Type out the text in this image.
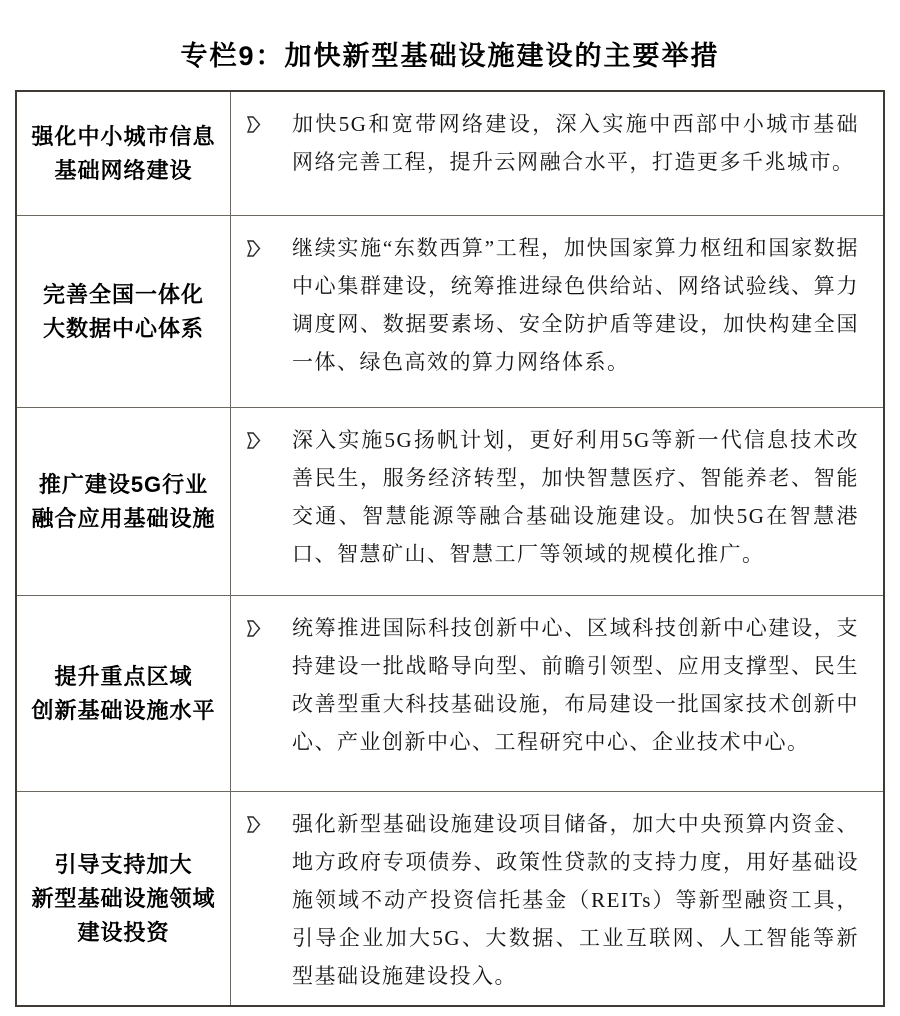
专栏9：加快新型基础设施建设的主要举措
强化中小城市信息
基础网络建设
加快5G和宽带网络建设，深入实施中西部中小城市基础网络完善工程，提升云网融合水平，打造更多千兆城市。
完善全国一体化
大数据中心体系
继续实施“东数西算”工程，加快国家算力枢纽和国家数据中心集群建设，统筹推进绿色供给站、网络试验线、算力调度网、数据要素场、安全防护盾等建设，加快构建全国一体、绿色高效的算力网络体系。
推广建设5G行业
融合应用基础设施
深入实施5G扬帆计划，更好利用5G等新一代信息技术改善民生，服务经济转型，加快智慧医疗、智能养老、智能交通、智慧能源等融合基础设施建设。加快5G在智慧港口、智慧矿山、智慧工厂等领域的规模化推广。
提升重点区域
创新基础设施水平
统筹推进国际科技创新中心、区域科技创新中心建设，支持建设一批战略导向型、前瞻引领型、应用支撑型、民生改善型重大科技基础设施，布局建设一批国家技术创新中心、产业创新中心、工程研究中心、企业技术中心。
引导支持加大
新型基础设施领域
建设投资
强化新型基础设施建设项目储备，加大中央预算内资金、地方政府专项债券、政策性贷款的支持力度，用好基础设施领域不动产投资信托基金（REITs）等新型融资工具，引导企业加大5G、大数据、工业互联网、人工智能等新型基础设施建设投入。
